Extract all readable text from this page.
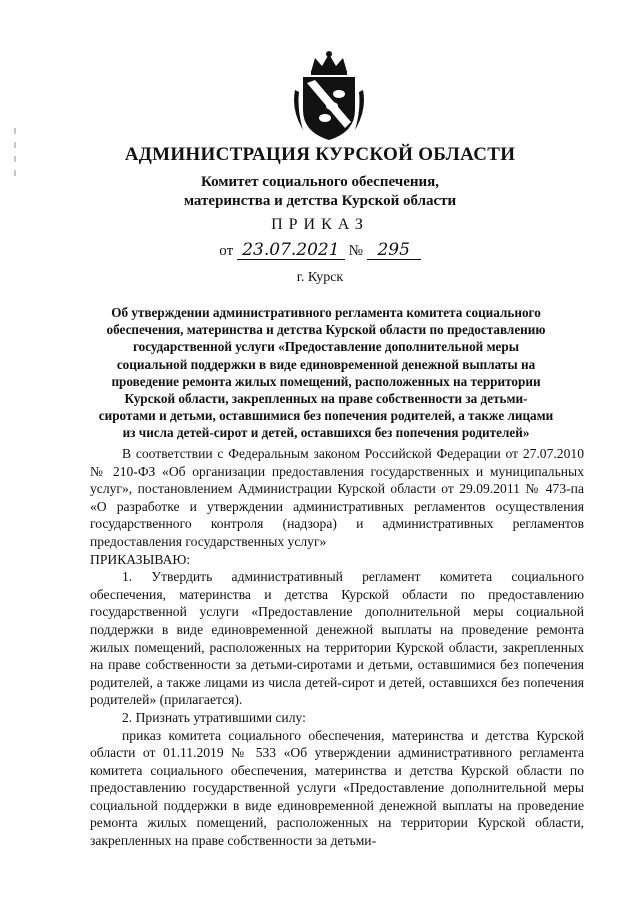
АДМИНИСТРАЦИЯ КУРСКОЙ ОБЛАСТИ
Комитет социального обеспечения,
материнства и детства Курской области
ПРИКАЗ
от 23.07.2021 № 295
г. Курск
Об утверждении административного регламента комитета социального
обеспечения, материнства и детства Курской области по предоставлению
государственной услуги «Предоставление дополнительной меры
социальной поддержки в виде единовременной денежной выплаты на
проведение ремонта жилых помещений, расположенных на территории
Курской области, закрепленных на праве собственности за детьми-
сиротами и детьми, оставшимися без попечения родителей, а также лицами
из числа детей-сирот и детей, оставшихся без попечения родителей»

В соответствии с Федеральным законом Российской Федерации от 27.07.2010 № 210-ФЗ «Об организации предоставления государственных и муниципальных услуг», постановлением Администрации Курской области от 29.09.2011 № 473-па «О разработке и утверждении административных регламентов осуществления государственного контроля (надзора) и административных регламентов предоставления государственных услуг»

ПРИКАЗЫВАЮ:

1. Утвердить административный регламент комитета социального обеспечения, материнства и детства Курской области по предоставлению государственной услуги «Предоставление дополнительной меры социальной поддержки в виде единовременной денежной выплаты на проведение ремонта жилых помещений, расположенных на территории Курской области, закрепленных на праве собственности за детьми-сиротами и детьми, оставшимися без попечения родителей, а также лицами из числа детей-сирот и детей, оставшихся без попечения родителей» (прилагается).

2. Признать утратившими силу:

приказ комитета социального обеспечения, материнства и детства Курской области от 01.11.2019 № 533 «Об утверждении административного регламента комитета социального обеспечения, материнства и детства Курской области по предоставлению государственной услуги «Предоставление дополнительной меры социальной поддержки в виде единовременной денежной выплаты на проведение ремонта жилых помещений, расположенных на территории Курской области, закрепленных на праве собственности за детьми-
